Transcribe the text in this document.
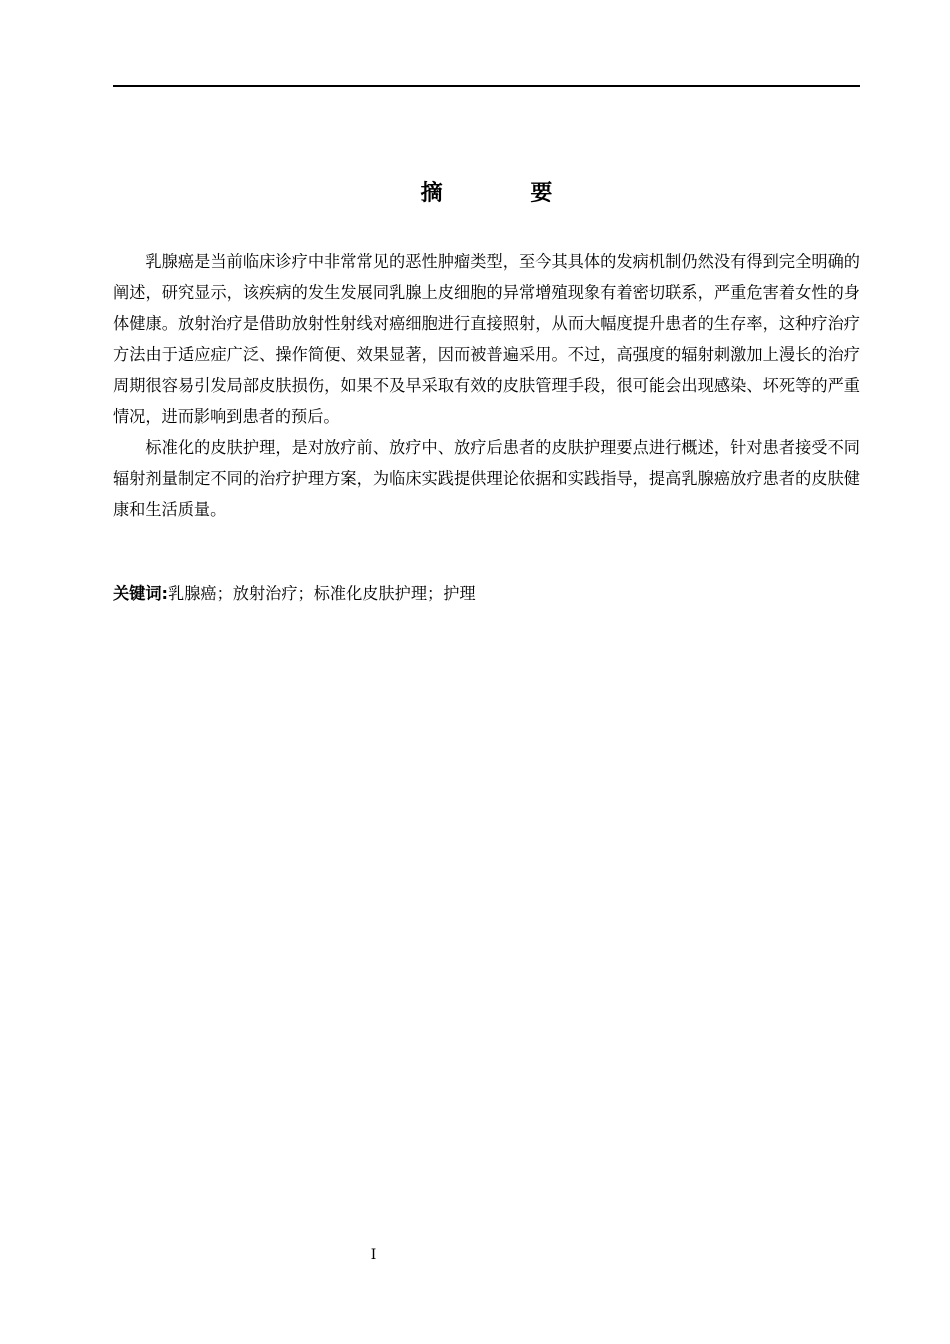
摘 要

乳腺癌是当前临床诊疗中非常常见的恶性肿瘤类型，至今其具体的发病机制仍然没有得到完全明确的阐述，研究显示，该疾病的发生发展同乳腺上皮细胞的异常增殖现象有着密切联系，严重危害着女性的身体健康。放射治疗是借助放射性射线对癌细胞进行直接照射，从而大幅度提升患者的生存率，这种疗治疗方法由于适应症广泛、操作简便、效果显著，因而被普遍采用。不过，高强度的辐射刺激加上漫长的治疗周期很容易引发局部皮肤损伤，如果不及早采取有效的皮肤管理手段，很可能会出现感染、坏死等的严重情况，进而影响到患者的预后。

标准化的皮肤护理，是对放疗前、放疗中、放疗后患者的皮肤护理要点进行概述，针对患者接受不同辐射剂量制定不同的治疗护理方案，为临床实践提供理论依据和实践指导，提高乳腺癌放疗患者的皮肤健康和生活质量。

关键词:乳腺癌；放射治疗；标准化皮肤护理；护理
I
